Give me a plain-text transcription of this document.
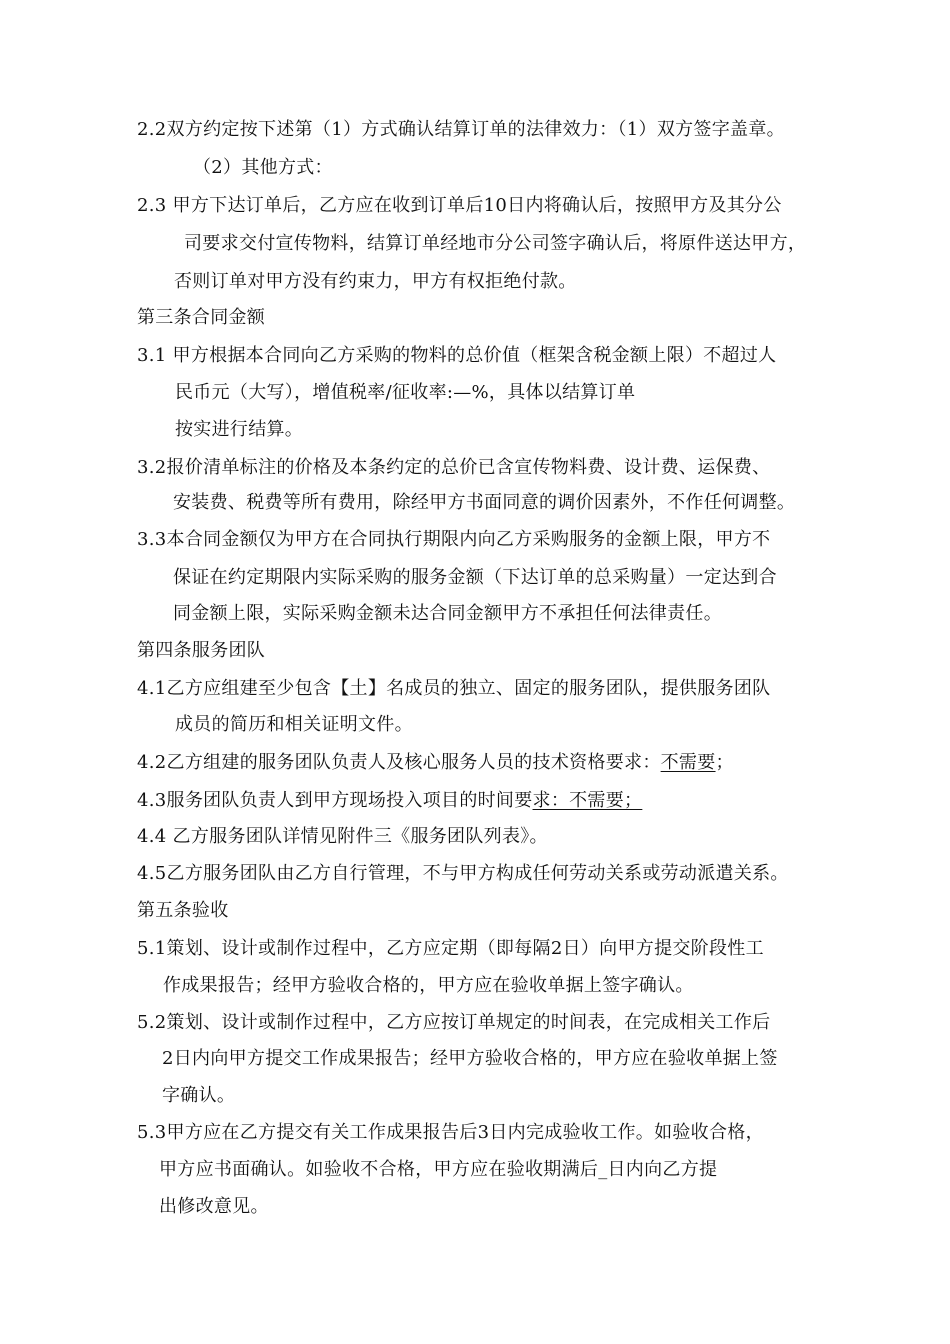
2.2双方约定按下述第（1）方式确认结算订单的法律效力：（1）双方签字盖章。
（2）其他方式：
2.3 甲方下达订单后，乙方应在收到订单后10日内将确认后，按照甲方及其分公
司要求交付宣传物料，结算订单经地市分公司签字确认后，将原件送达甲方，
否则订单对甲方没有约束力，甲方有权拒绝付款。
第三条合同金额
3.1 甲方根据本合同向乙方采购的物料的总价值（框架含税金额上限）不超过人
民币元（大写），增值税率/征收率:—%，具体以结算订单
按实进行结算。
3.2报价清单标注的价格及本条约定的总价已含宣传物料费、设计费、运保费、
安装费、税费等所有费用，除经甲方书面同意的调价因素外，不作任何调整。
3.3本合同金额仅为甲方在合同执行期限内向乙方采购服务的金额上限，甲方不
保证在约定期限内实际采购的服务金额（下达订单的总采购量）一定达到合
同金额上限，实际采购金额未达合同金额甲方不承担任何法律责任。
第四条服务团队
4.1乙方应组建至少包含【土】名成员的独立、固定的服务团队，提供服务团队
成员的简历和相关证明文件。
4.2乙方组建的服务团队负责人及核心服务人员的技术资格要求：不需要；
4.3服务团队负责人到甲方现场投入项目的时间要求：不需要；
4.4 乙方服务团队详情见附件三《服务团队列表》。
4.5乙方服务团队由乙方自行管理，不与甲方构成任何劳动关系或劳动派遣关系。
第五条验收
5.1策划、设计或制作过程中，乙方应定期（即每隔2日）向甲方提交阶段性工
作成果报告；经甲方验收合格的，甲方应在验收单据上签字确认。
5.2策划、设计或制作过程中，乙方应按订单规定的时间表，在完成相关工作后
2日内向甲方提交工作成果报告；经甲方验收合格的，甲方应在验收单据上签
字确认。
5.3甲方应在乙方提交有关工作成果报告后3日内完成验收工作。如验收合格，
甲方应书面确认。如验收不合格，甲方应在验收期满后_日内向乙方提
出修改意见。
